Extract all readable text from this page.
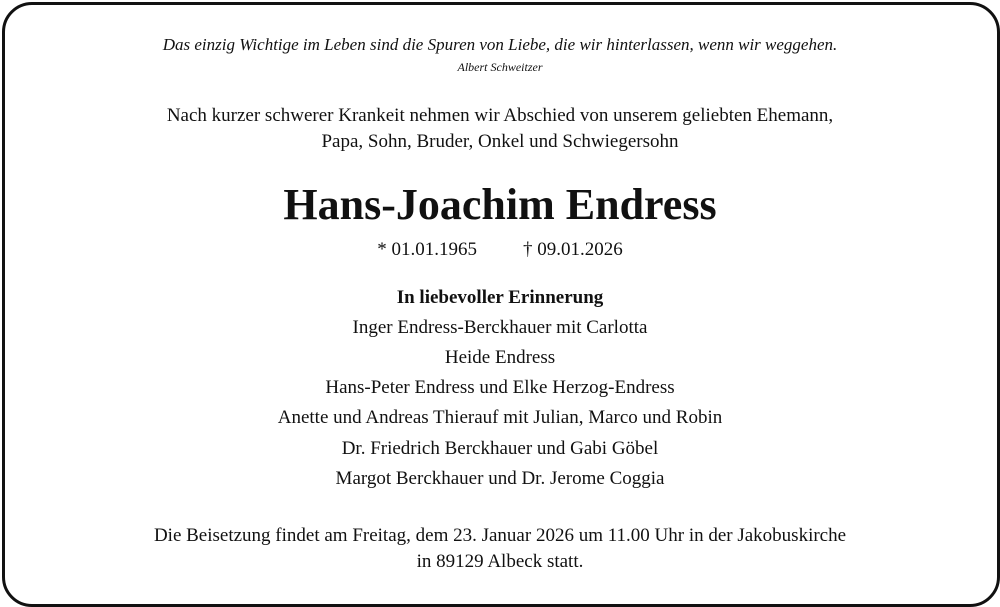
Das einzig Wichtige im Leben sind die Spuren von Liebe, die wir hinterlassen, wenn wir weggehen.
Albert Schweitzer
Nach kurzer schwerer Krankeit nehmen wir Abschied von unserem geliebten Ehemann,
Papa, Sohn, Bruder, Onkel und Schwiegersohn
Hans-Joachim Endress
* 01.01.1965 † 09.01.2026
In liebevoller Erinnerung
Inger Endress-Berckhauer mit Carlotta
Heide Endress
Hans-Peter Endress und Elke Herzog-Endress
Anette und Andreas Thierauf mit Julian, Marco und Robin
Dr. Friedrich Berckhauer und Gabi Göbel
Margot Berckhauer und Dr. Jerome Coggia
Die Beisetzung findet am Freitag, dem 23. Januar 2026 um 11.00 Uhr in der Jakobuskirche
in 89129 Albeck statt.
